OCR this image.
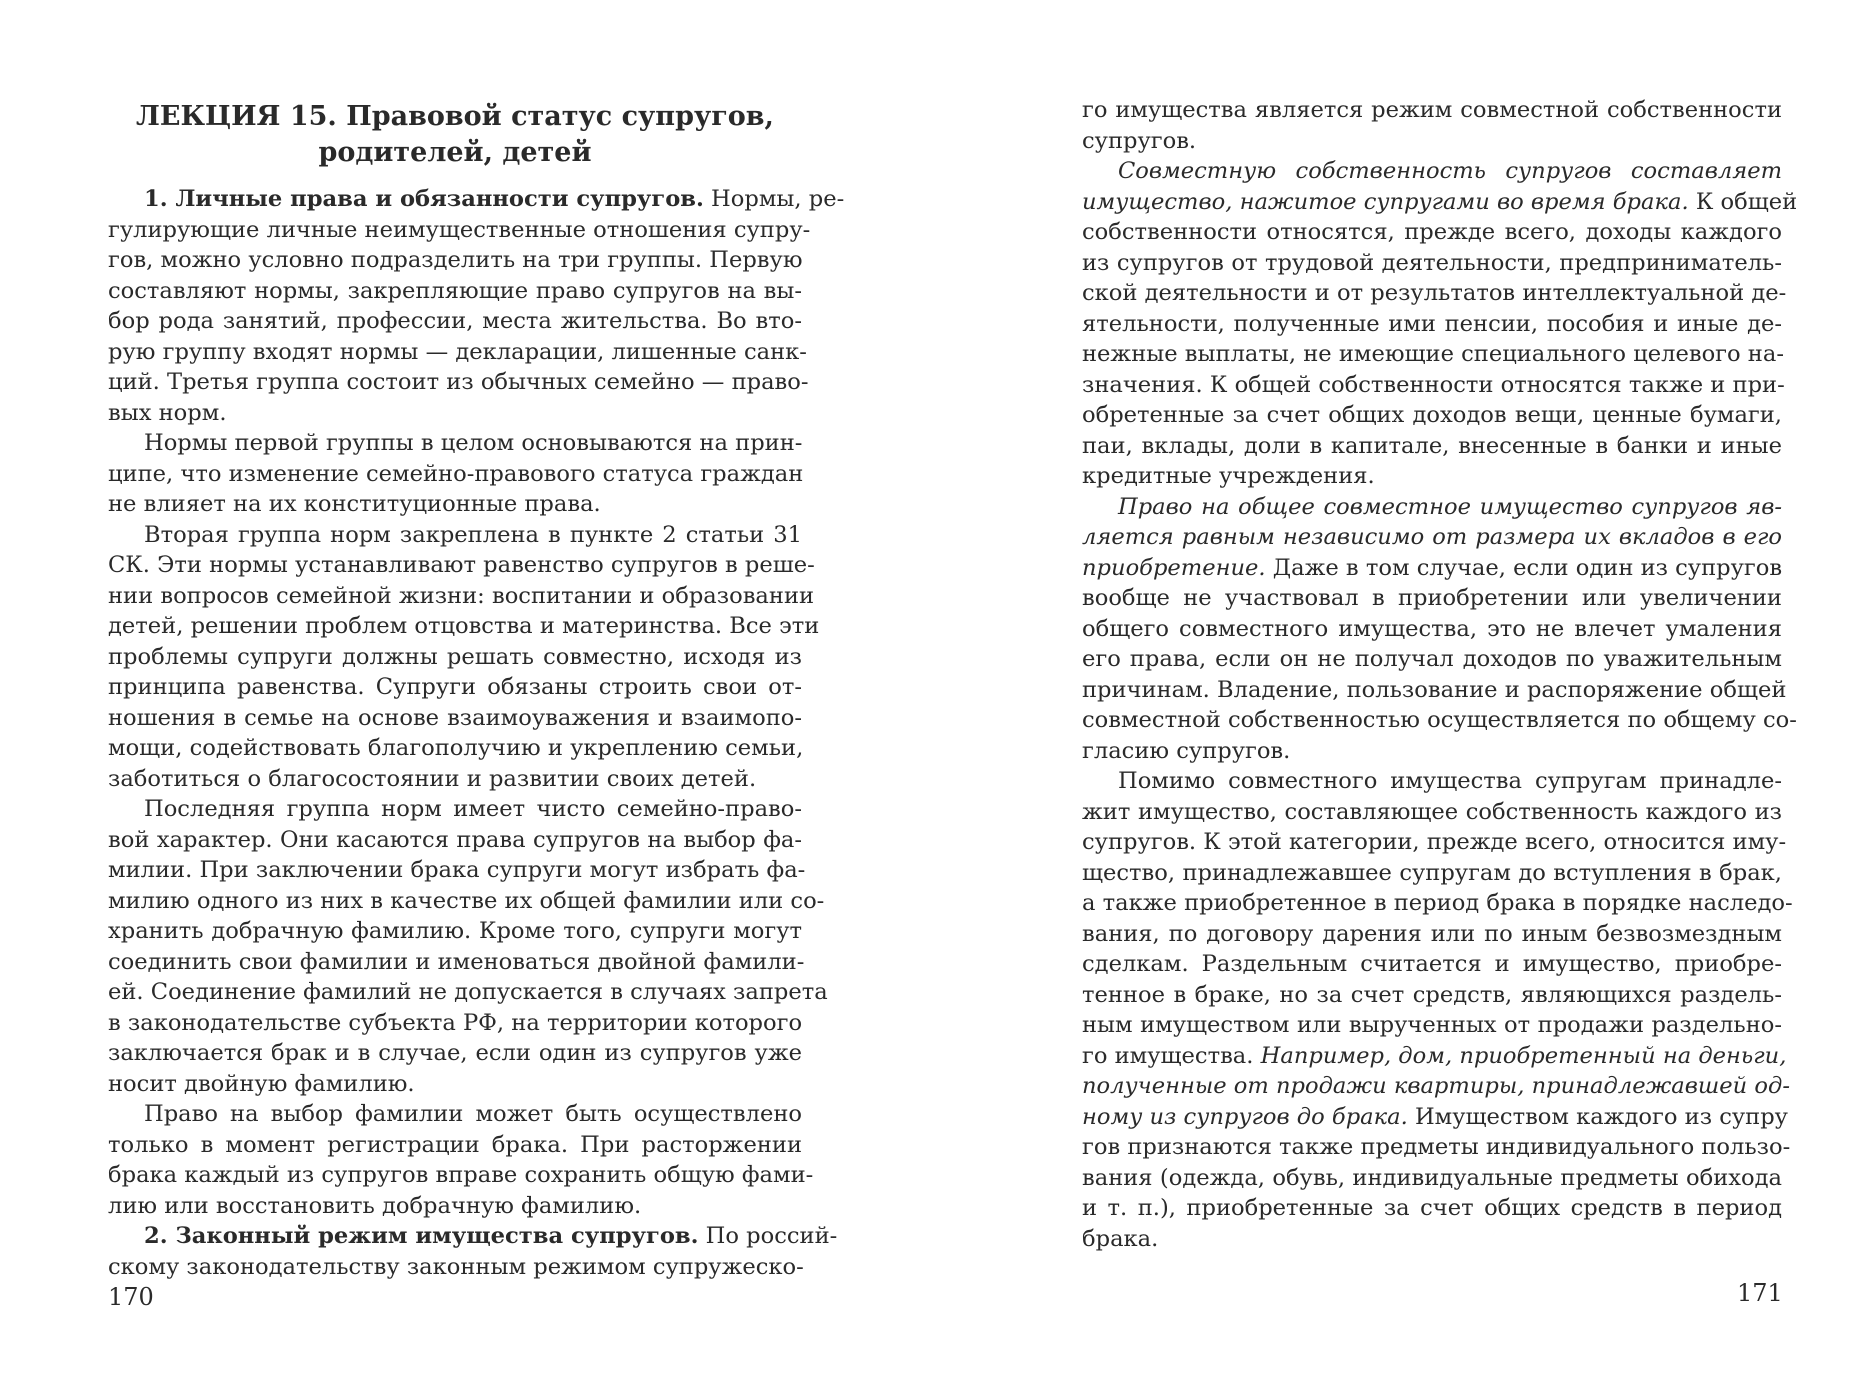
ЛЕКЦИЯ 15. Правовой статус супругов,
родителей, детей
1. Личные права и обязанности супругов. Нормы, ре-
гулирующие личные неимущественные отношения супру-
гов, можно условно подразделить на три группы. Первую
составляют нормы, закрепляющие право супругов на вы-
бор рода занятий, профессии, места жительства. Во вто-
рую группу входят нормы — декларации, лишенные санк-
ций. Третья группа состоит из обычных семейно — право-
вых норм.
Нормы первой группы в целом основываются на прин-
ципе, что изменение семейно-правового статуса граждан
не влияет на их конституционные права.
Вторая группа норм закреплена в пункте 2 статьи 31
СК. Эти нормы устанавливают равенство супругов в реше-
нии вопросов семейной жизни: воспитании и образовании
детей, решении проблем отцовства и материнства. Все эти
проблемы супруги должны решать совместно, исходя из
принципа равенства. Супруги обязаны строить свои от-
ношения в семье на основе взаимоуважения и взаимопо-
мощи, содействовать благополучию и укреплению семьи,
заботиться о благосостоянии и развитии своих детей.
Последняя группа норм имеет чисто семейно-право-
вой характер. Они касаются права супругов на выбор фа-
милии. При заключении брака супруги могут избрать фа-
милию одного из них в качестве их общей фамилии или со-
хранить добрачную фамилию. Кроме того, супруги могут
соединить свои фамилии и именоваться двойной фамили-
ей. Соединение фамилий не допускается в случаях запрета
в законодательстве субъекта РФ, на территории которого
заключается брак и в случае, если один из супругов уже
носит двойную фамилию.
Право на выбор фамилии может быть осуществлено
только в момент регистрации брака. При расторжении
брака каждый из супругов вправе сохранить общую фами-
лию или восстановить добрачную фамилию.
2. Законный режим имущества супругов. По россий-
скому законодательству законным режимом супружеско-
го имущества является режим совместной собственности
супругов.
Совместную собственность супругов составляет
имущество, нажитое супругами во время брака. К общей
собственности относятся, прежде всего, доходы каждого
из супругов от трудовой деятельности, предприниматель-
ской деятельности и от результатов интеллектуальной де-
ятельности, полученные ими пенсии, пособия и иные де-
нежные выплаты, не имеющие специального целевого на-
значения. К общей собственности относятся также и при-
обретенные за счет общих доходов вещи, ценные бумаги,
паи, вклады, доли в капитале, внесенные в банки и иные
кредитные учреждения.
Право на общее совместное имущество супругов яв-
ляется равным независимо от размера их вкладов в его
приобретение. Даже в том случае, если один из супругов
вообще не участвовал в приобретении или увеличении
общего совместного имущества, это не влечет умаления
его права, если он не получал доходов по уважительным
причинам. Владение, пользование и распоряжение общей
совместной собственностью осуществляется по общему со-
гласию супругов.
Помимо совместного имущества супругам принадле-
жит имущество, составляющее собственность каждого из
супругов. К этой категории, прежде всего, относится иму-
щество, принадлежавшее супругам до вступления в брак,
а также приобретенное в период брака в порядке наследо-
вания, по договору дарения или по иным безвозмездным
сделкам. Раздельным считается и имущество, приобре-
тенное в браке, но за счет средств, являющихся раздель-
ным имуществом или вырученных от продажи раздельно-
го имущества. Например, дом, приобретенный на деньги,
полученные от продажи квартиры, принадлежавшей од-
ному из супругов до брака. Имуществом каждого из супру
гов признаются также предметы индивидуального пользо-
вания (одежда, обувь, индивидуальные предметы обихода
и т. п.), приобретенные за счет общих средств в период
брака.
170	171
